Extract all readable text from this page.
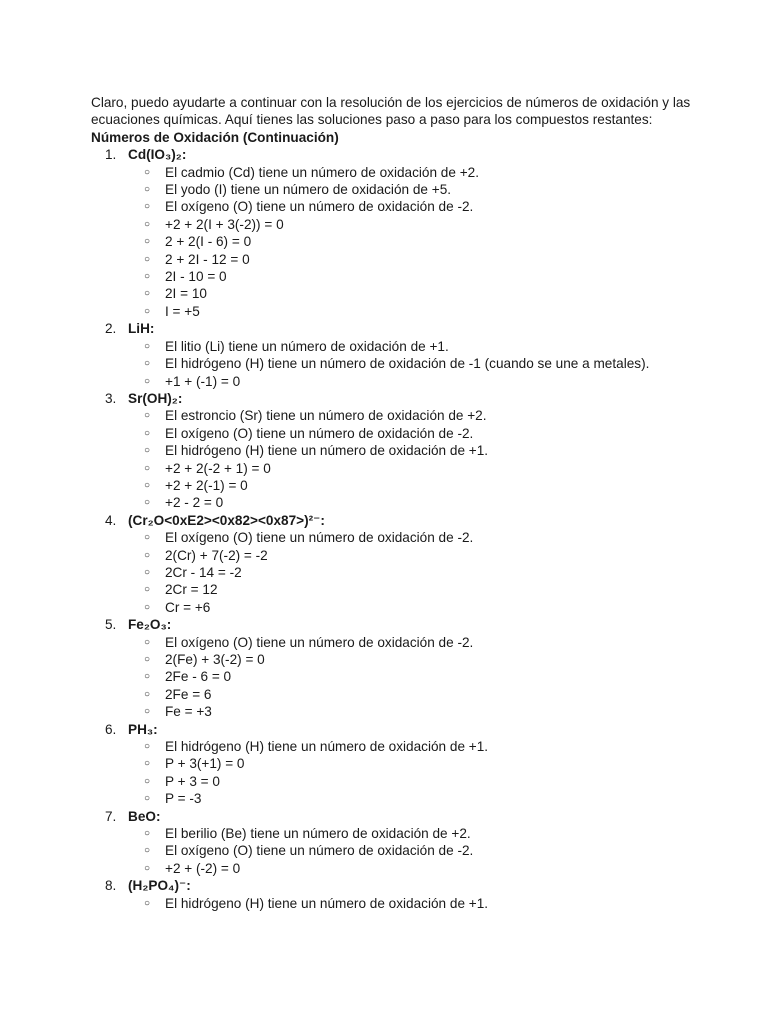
Claro, puedo ayudarte a continuar con la resolución de los ejercicios de números de oxidación y las ecuaciones químicas. Aquí tienes las soluciones paso a paso para los compuestos restantes:

Números de Oxidación (Continuación)
1. Cd(IO₃)₂:
○ El cadmio (Cd) tiene un número de oxidación de +2.
○ El yodo (I) tiene un número de oxidación de +5.
○ El oxígeno (O) tiene un número de oxidación de -2.
○ +2 + 2(I + 3(-2)) = 0
○ 2 + 2(I - 6) = 0
○ 2 + 2I - 12 = 0
○ 2I - 10 = 0
○ 2I = 10
○ I = +5
2. LiH:
○ El litio (Li) tiene un número de oxidación de +1.
○ El hidrógeno (H) tiene un número de oxidación de -1 (cuando se une a metales).
○ +1 + (-1) = 0
3. Sr(OH)₂:
○ El estroncio (Sr) tiene un número de oxidación de +2.
○ El oxígeno (O) tiene un número de oxidación de -2.
○ El hidrógeno (H) tiene un número de oxidación de +1.
○ +2 + 2(-2 + 1) = 0
○ +2 + 2(-1) = 0
○ +2 - 2 = 0
4. (Cr₂O<0xE2><0x82><0x87>)²⁻:
○ El oxígeno (O) tiene un número de oxidación de -2.
○ 2(Cr) + 7(-2) = -2
○ 2Cr - 14 = -2
○ 2Cr = 12
○ Cr = +6
5. Fe₂O₃:
○ El oxígeno (O) tiene un número de oxidación de -2.
○ 2(Fe) + 3(-2) = 0
○ 2Fe - 6 = 0
○ 2Fe = 6
○ Fe = +3
6. PH₃:
○ El hidrógeno (H) tiene un número de oxidación de +1.
○ P + 3(+1) = 0
○ P + 3 = 0
○ P = -3
7. BeO:
○ El berilio (Be) tiene un número de oxidación de +2.
○ El oxígeno (O) tiene un número de oxidación de -2.
○ +2 + (-2) = 0
8. (H₂PO₄)⁻:
○ El hidrógeno (H) tiene un número de oxidación de +1.
